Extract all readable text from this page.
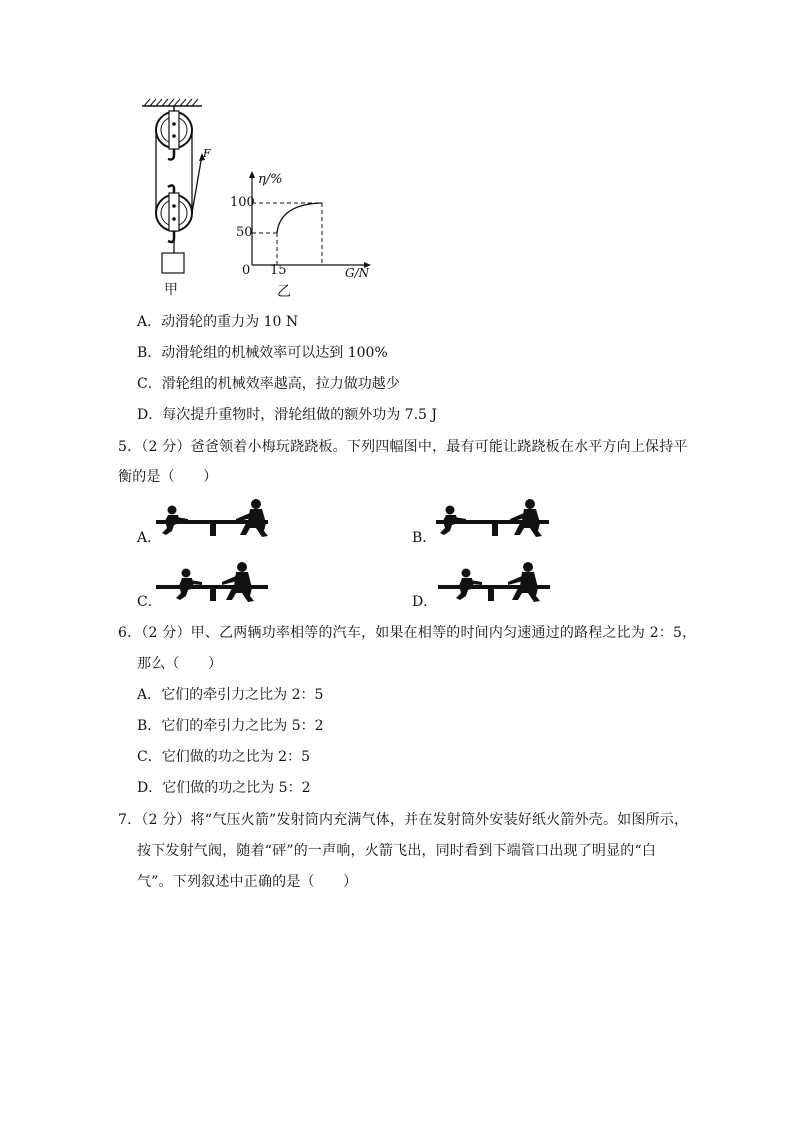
F
甲
η/%
100
50
0 15	G/N
乙
A．动滑轮的重力为 10 N
B．动滑轮组的机械效率可以达到 100%
C．滑轮组的机械效率越高，拉力做功越少
D．每次提升重物时，滑轮组做的额外功为 7.5 J
5．（2 分）爸爸领着小梅玩跷跷板。下列四幅图中，最有可能让跷跷板在水平方向上保持平
衡的是（　　）
A．	B．
C．	D．
6．（2 分）甲、乙两辆功率相等的汽车，如果在相等的时间内匀速通过的路程之比为 2：5，
那么（　　）
A．它们的牵引力之比为 2：5
B．它们的牵引力之比为 5：2
C．它们做的功之比为 2：5
D．它们做的功之比为 5：2
7．（2 分）将“气压火箭”发射筒内充满气体，并在发射筒外安装好纸火箭外壳。如图所示，
按下发射气阀，随着“砰”的一声响，火箭飞出，同时看到下端管口出现了明显的“白
气”。下列叙述中正确的是（　　）
